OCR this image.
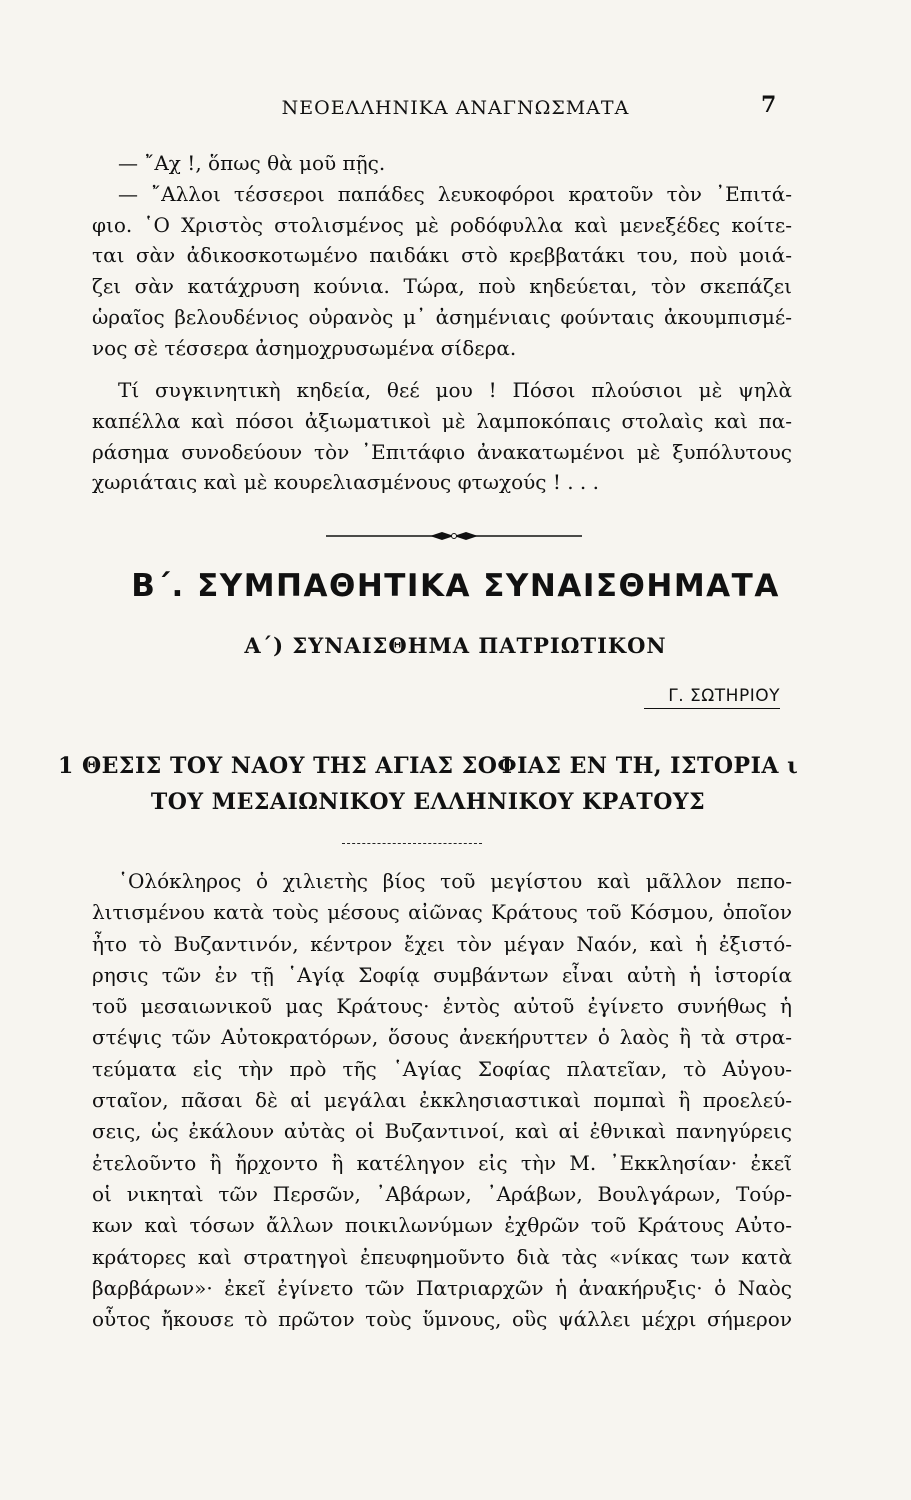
ΝΕΟΕΛΛΗΝΙΚΑ ΑΝΑΓΝΩΣΜΑΤΑ	7
— ῎Αχ !, ὅπως θὰ μοῦ πῇς.
— ῎Αλλοι τέσσεροι παπάδες λευκοφόροι κρατοῦν τὸν ᾿Επιτά-
φιο. ῾Ο Χριστὸς στολισμένος μὲ ροδόφυλλα καὶ μενεξέδες κοίτε-
ται σὰν ἀδικοσκοτωμένο παιδάκι στὸ κρεββατάκι του, ποὺ μοιά-
ζει σὰν κατάχρυση κούνια. Τώρα, ποὺ κηδεύεται, τὸν σκεπάζει
ὡραῖος βελουδένιος οὐρανὸς μ᾿ ἀσημένιαις φούνταις ἀκουμπισμέ-
νος σὲ τέσσερα ἀσημοχρυσωμένα σίδερα.
Τί συγκινητικὴ κηδεία, θεέ μου ! Πόσοι πλούσιοι μὲ ψηλὰ
καπέλλα καὶ πόσοι ἀξιωματικοὶ μὲ λαμποκόπαις στολαὶς καὶ πα-
ράσημα συνοδεύουν τὸν ᾿Επιτάφιο ἀνακατωμένοι μὲ ξυπόλυτους
χωριάταις καὶ μὲ κουρελιασμένους φτωχούς ! . . .
Β΄. ΣΥΜΠΑΘΗΤΙΚΑ ΣΥΝΑΙΣΘΗΜΑΤΑ
Α΄) ΣΥΝΑΙΣΘΗΜΑ ΠΑΤΡΙΩΤΙΚΟΝ
Γ. ΣΩΤΗΡΙΟΥ
1 ΘΕΣΙΣ ΤΟΥ ΝΑΟΥ ΤΗΣ ΑΓΙΑΣ ΣΟΦΙΑΣ ΕΝ ΤΗ, ΙΣΤΟΡΙΑ ι
ΤΟΥ ΜΕΣΑΙΩΝΙΚΟΥ ΕΛΛΗΝΙΚΟΥ ΚΡΑΤΟΥΣ
῾Ολόκληρος ὁ χιλιετὴς βίος τοῦ μεγίστου καὶ μᾶλλον πεπο-
λιτισμένου κατὰ τοὺς μέσους αἰῶνας Κράτους τοῦ Κόσμου, ὁποῖον
ἦτο τὸ Βυζαντινόν, κέντρον ἔχει τὸν μέγαν Ναόν, καὶ ἡ ἐξιστό-
ρησις τῶν ἐν τῇ ῾Αγίᾳ Σοφίᾳ συμβάντων εἶναι αὐτὴ ἡ ἱστορία
τοῦ μεσαιωνικοῦ μας Κράτους· ἐντὸς αὐτοῦ ἐγίνετο συνήθως ἡ
στέψις τῶν Αὐτοκρατόρων, ὅσους ἀνεκήρυττεν ὁ λαὸς ἢ τὰ στρα-
τεύματα εἰς τὴν πρὸ τῆς ῾Αγίας Σοφίας πλατεῖαν, τὸ Αὐγου-
σταῖον, πᾶσαι δὲ αἱ μεγάλαι ἐκκλησιαστικαὶ πομπαὶ ἢ προελεύ-
σεις, ὡς ἐκάλουν αὐτὰς οἱ Βυζαντινοί, καὶ αἱ ἐθνικαὶ πανηγύρεις
ἐτελοῦντο ἢ ἤρχοντο ἢ κατέληγον εἰς τὴν Μ. ᾿Εκκλησίαν· ἐκεῖ
οἱ νικηταὶ τῶν Περσῶν, ᾿Αβάρων, ᾿Αράβων, Βουλγάρων, Τούρ-
κων καὶ τόσων ἄλλων ποικιλωνύμων ἐχθρῶν τοῦ Κράτους Αὐτο-
κράτορες καὶ στρατηγοὶ ἐπευφημοῦντο διὰ τὰς «νίκας των κατὰ
βαρβάρων»· ἐκεῖ ἐγίνετο τῶν Πατριαρχῶν ἡ ἀνακήρυξις· ὁ Ναὸς
οὗτος ἤκουσε τὸ πρῶτον τοὺς ὕμνους, οὓς ψάλλει μέχρι σήμερον
